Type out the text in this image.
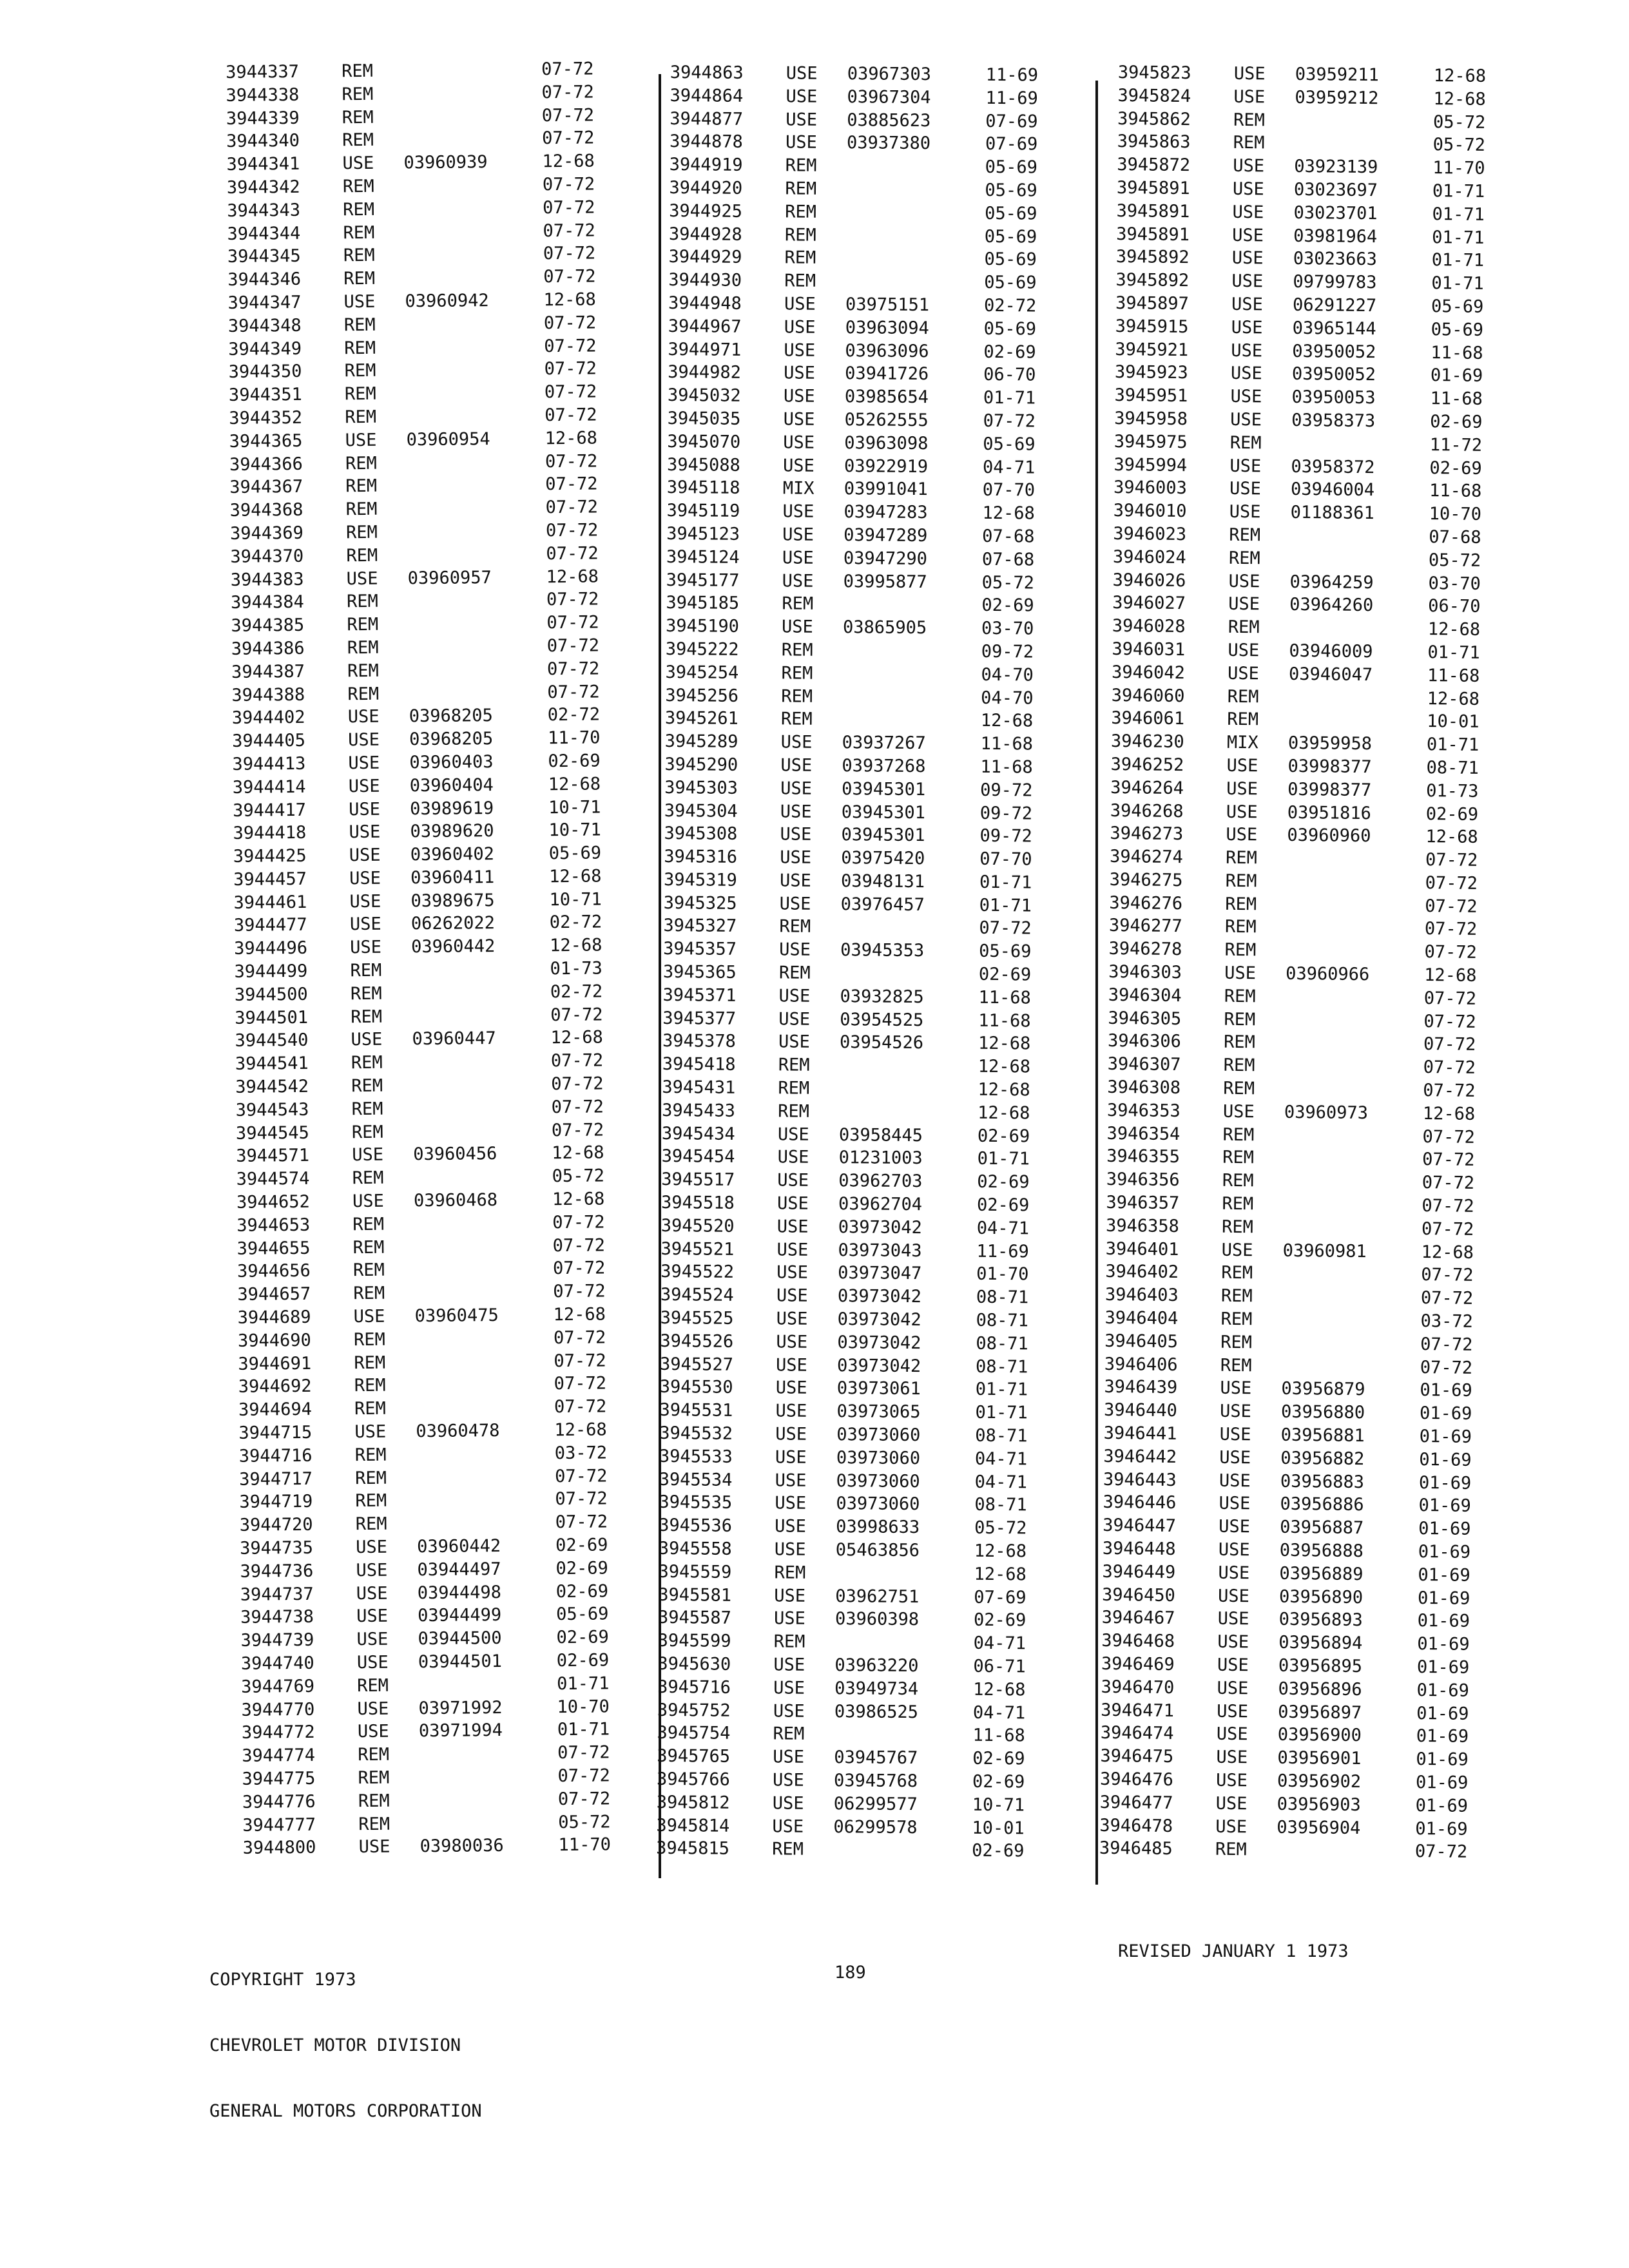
3944337 REM	07-72
3944338 REM	07-72
3944339 REM	07-72
3944340 REM	07-72
3944341 USE 03960939	12-68
3944342 REM	07-72
3944343 REM	07-72
3944344 REM	07-72
3944345 REM	07-72
3944346 REM	07-72
3944347 USE 03960942	12-68
3944348 REM	07-72
3944349 REM	07-72
3944350 REM	07-72
3944351 REM	07-72
3944352 REM	07-72
3944365 USE 03960954	12-68
3944366 REM	07-72
3944367 REM	07-72
3944368 REM	07-72
3944369 REM	07-72
3944370 REM	07-72
3944383 USE 03960957	12-68
3944384 REM	07-72
3944385 REM	07-72
3944386 REM	07-72
3944387 REM	07-72
3944388 REM	07-72
3944402 USE 03968205	02-72
3944405 USE 03968205	11-70
3944413 USE 03960403	02-69
3944414 USE 03960404	12-68
3944417 USE 03989619	10-71
3944418 USE 03989620	10-71
3944425 USE 03960402	05-69
3944457 USE 03960411	12-68
3944461 USE 03989675	10-71
3944477 USE 06262022	02-72
3944496 USE 03960442	12-68
3944499 REM	01-73
3944500 REM	02-72
3944501 REM	07-72
3944540 USE 03960447	12-68
3944541 REM	07-72
3944542 REM	07-72
3944543 REM	07-72
3944545 REM	07-72
3944571 USE 03960456	12-68
3944574 REM	05-72
3944652 USE 03960468	12-68
3944653 REM	07-72
3944655 REM	07-72
3944656 REM	07-72
3944657 REM	07-72
3944689 USE 03960475	12-68
3944690 REM	07-72
3944691 REM	07-72
3944692 REM	07-72
3944694 REM	07-72
3944715 USE 03960478	12-68
3944716 REM	03-72
3944717 REM	07-72
3944719 REM	07-72
3944720 REM	07-72
3944735 USE 03960442	02-69
3944736 USE 03944497	02-69
3944737 USE 03944498	02-69
3944738 USE 03944499	05-69
3944739 USE 03944500	02-69
3944740 USE 03944501	02-69
3944769 REM	01-71
3944770 USE 03971992	10-70
3944772 USE 03971994	01-71
3944774 REM	07-72
3944775 REM	07-72
3944776 REM	07-72
3944777 REM	05-72
3944800 USE 03980036	11-70
3944863 USE 03967303	11-69
3944864 USE 03967304	11-69
3944877 USE 03885623	07-69
3944878 USE 03937380	07-69
3944919 REM	05-69
3944920 REM	05-69
3944925 REM	05-69
3944928 REM	05-69
3944929 REM	05-69
3944930 REM	05-69
3944948 USE 03975151	02-72
3944967 USE 03963094	05-69
3944971 USE 03963096	02-69
3944982 USE 03941726	06-70
3945032 USE 03985654	01-71
3945035 USE 05262555	07-72
3945070 USE 03963098	05-69
3945088 USE 03922919	04-71
3945118 MIX 03991041	07-70
3945119 USE 03947283	12-68
3945123 USE 03947289	07-68
3945124 USE 03947290	07-68
3945177 USE 03995877	05-72
3945185 REM	02-69
3945190 USE 03865905	03-70
3945222 REM	09-72
3945254 REM	04-70
3945256 REM	04-70
3945261 REM	12-68
3945289 USE 03937267	11-68
3945290 USE 03937268	11-68
3945303 USE 03945301	09-72
3945304 USE 03945301	09-72
3945308 USE 03945301	09-72
3945316 USE 03975420	07-70
3945319 USE 03948131	01-71
3945325 USE 03976457	01-71
3945327 REM	07-72
3945357 USE 03945353	05-69
3945365 REM	02-69
3945371 USE 03932825	11-68
3945377 USE 03954525	11-68
3945378 USE 03954526	12-68
3945418 REM	12-68
3945431 REM	12-68
3945433 REM	12-68
3945434 USE 03958445	02-69
3945454 USE 01231003	01-71
3945517 USE 03962703	02-69
3945518 USE 03962704	02-69
3945520 USE 03973042	04-71
3945521 USE 03973043	11-69
3945522 USE 03973047	01-70
3945524 USE 03973042	08-71
3945525 USE 03973042	08-71
3945526 USE 03973042	08-71
3945527 USE 03973042	08-71
3945530 USE 03973061	01-71
3945531 USE 03973065	01-71
3945532 USE 03973060	08-71
3945533 USE 03973060	04-71
3945534 USE 03973060	04-71
3945535 USE 03973060	08-71
3945536 USE 03998633	05-72
3945558 USE 05463856	12-68
3945559 REM	12-68
3945581 USE 03962751	07-69
3945587 USE 03960398	02-69
3945599 REM	04-71
3945630 USE 03963220	06-71
3945716 USE 03949734	12-68
3945752 USE 03986525	04-71
3945754 REM	11-68
3945765 USE 03945767	02-69
3945766 USE 03945768	02-69
3945812 USE 06299577	10-71
3945814 USE 06299578	10-01
3945815 REM	02-69
3945823 USE 03959211	12-68
3945824 USE 03959212	12-68
3945862 REM	05-72
3945863 REM	05-72
3945872 USE 03923139	11-70
3945891 USE 03023697	01-71
3945891 USE 03023701	01-71
3945891 USE 03981964	01-71
3945892 USE 03023663	01-71
3945892 USE 09799783	01-71
3945897 USE 06291227	05-69
3945915 USE 03965144	05-69
3945921 USE 03950052	11-68
3945923 USE 03950052	01-69
3945951 USE 03950053	11-68
3945958 USE 03958373	02-69
3945975 REM	11-72
3945994 USE 03958372	02-69
3946003 USE 03946004	11-68
3946010 USE 01188361	10-70
3946023 REM	07-68
3946024 REM	05-72
3946026 USE 03964259	03-70
3946027 USE 03964260	06-70
3946028 REM	12-68
3946031 USE 03946009	01-71
3946042 USE 03946047	11-68
3946060 REM	12-68
3946061 REM	10-01
3946230 MIX 03959958	01-71
3946252 USE 03998377	08-71
3946264 USE 03998377	01-73
3946268 USE 03951816	02-69
3946273 USE 03960960	12-68
3946274 REM	07-72
3946275 REM	07-72
3946276 REM	07-72
3946277 REM	07-72
3946278 REM	07-72
3946303 USE 03960966	12-68
3946304 REM	07-72
3946305 REM	07-72
3946306 REM	07-72
3946307 REM	07-72
3946308 REM	07-72
3946353 USE 03960973	12-68
3946354 REM	07-72
3946355 REM	07-72
3946356 REM	07-72
3946357 REM	07-72
3946358 REM	07-72
3946401 USE 03960981	12-68
3946402 REM	07-72
3946403 REM	07-72
3946404 REM	03-72
3946405 REM	07-72
3946406 REM	07-72
3946439 USE 03956879	01-69
3946440 USE 03956880	01-69
3946441 USE 03956881	01-69
3946442 USE 03956882	01-69
3946443 USE 03956883	01-69
3946446 USE 03956886	01-69
3946447 USE 03956887	01-69
3946448 USE 03956888	01-69
3946449 USE 03956889	01-69
3946450 USE 03956890	01-69
3946467 USE 03956893	01-69
3946468 USE 03956894	01-69
3946469 USE 03956895	01-69
3946470 USE 03956896	01-69
3946471 USE 03956897	01-69
3946474 USE 03956900	01-69
3946475 USE 03956901	01-69
3946476 USE 03956902	01-69
3946477 USE 03956903	01-69
3946478 USE 03956904	01-69
3946485 REM	07-72

COPYRIGHT 1973

CHEVROLET MOTOR DIVISION

GENERAL MOTORS CORPORATION

189
REVISED JANUARY 1 1973
